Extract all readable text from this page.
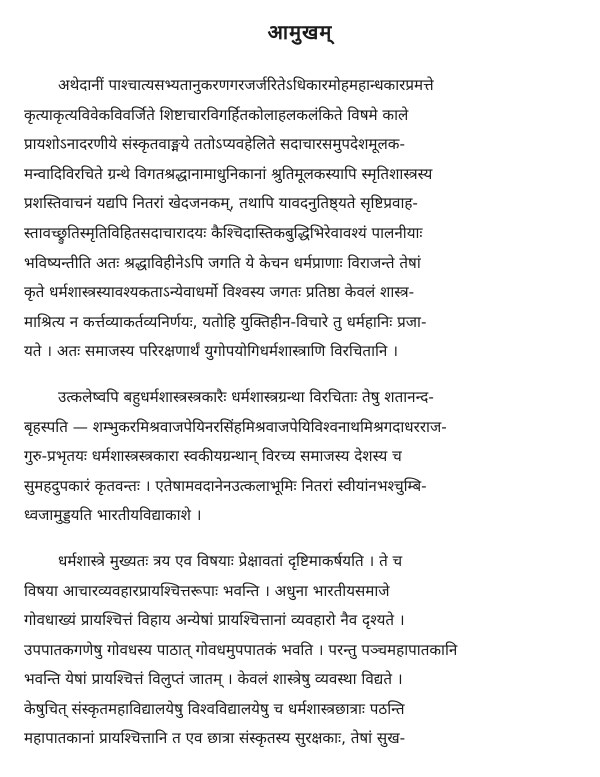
आमुखम्
अथेदानीं पाश्चात्यसभ्यतानुकरणगरजर्जरितेऽधिकारमोहमहान्धकारप्रमत्ते
कृत्याकृत्यविवेकविवर्जिते शिष्टाचारविगर्हितकोलाहलकलंकिते विषमे काले
प्रायशोऽनादरणीये संस्कृतवाङ्मये ततोऽप्यवहेलिते सदाचारसमुपदेशमूलक-
मन्वादिविरचिते ग्रन्थे विगतश्रद्धानामाधुनिकानां श्रुतिमूलकस्यापि स्मृतिशास्त्रस्य
प्रशस्तिवाचनं यद्यपि नितरां खेदजनकम्, तथापि यावदनुतिष्ठ्यते सृष्टिप्रवाह-
स्तावच्छ्रुतिस्मृतिविहितसदाचारादयः कैश्चिदास्तिकबुद्धिभिरेवावश्यं पालनीयाः
भविष्यन्तीति अतः श्रद्धाविहीनेऽपि जगति ये केचन धर्मप्राणाः विराजन्ते तेषां
कृते धर्मशास्त्रस्यावश्यकताऽन्येवाधर्मो विश्वस्य जगतः प्रतिष्ठा केवलं शास्त्र-
माश्रित्य न कर्त्तव्याकर्तव्यनिर्णयः, यतोहि युक्तिहीन-विचारे तु धर्महानिः प्रजा-
यते । अतः समाजस्य परिरक्षणार्थं युगोपयोगिधर्मशास्त्राणि विरचितानि ।
उत्कलेष्वपि बहुधर्मशास्त्रस्त्रकारैः धर्मशास्त्रग्रन्था विरचिताः तेषु शतानन्द-
बृहस्पति — शम्भुकरमिश्रवाजपेयिनरसिंहमिश्रवाजपेयिविश्वनाथमिश्रगदाधरराज-
गुरु-प्रभृतयः धर्मशास्त्रस्त्रकारा स्वकीयग्रन्थान् विरच्य समाजस्य देशस्य च
सुमहदुपकारं कृतवन्तः । एतेषामवदानेनउत्कलाभूमिः नितरां स्वीयांनभश्चुम्बि-
ध्वजामुड्डयति भारतीयविद्याकाशे ।
धर्मशास्त्रे मुख्यतः त्रय एव विषयाः प्रेक्षावतां दृष्टिमाकर्षयति । ते च
विषया आचारव्यवहारप्रायश्चित्तरूपाः भवन्ति । अधुना भारतीयसमाजे
गोवधाख्यं प्रायश्चित्तं विहाय अन्येषां प्रायश्चित्तानां व्यवहारो नैव दृश्यते ।
उपपातकगणेषु गोवधस्य पाठात् गोवधमुपपातकं भवति । परन्तु पञ्चमहापातकानि
भवन्ति येषां प्रायश्चित्तं विलुप्तं जातम् । केवलं शास्त्रेषु व्यवस्था विद्यते ।
केषुचित् संस्कृतमहाविद्यालयेषु विश्वविद्यालयेषु च धर्मशास्त्रछात्राः पठन्ति
महापातकानां प्रायश्चित्तानि त एव छात्रा संस्कृतस्य सुरक्षकाः, तेषां सुख-
